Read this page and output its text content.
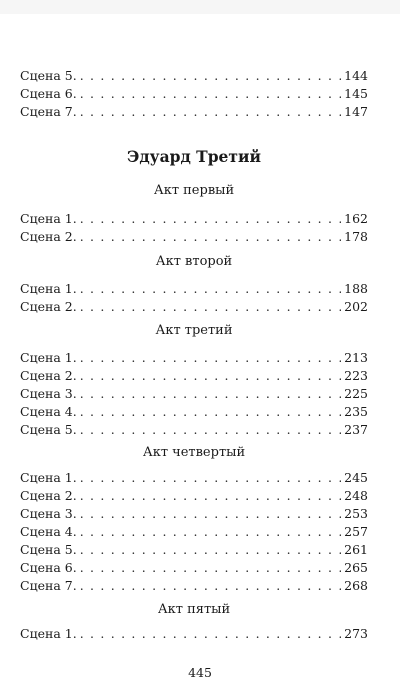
Сцена 5. . . .	144
Сцена 6. . . .	145
Сцена 7. . . .	147
Эдуард Третий
Акт первый
Сцена 1. . . .	162
Сцена 2. . . .	178
Акт второй
Сцена 1. . . .	188
Сцена 2. . . .	202
Акт третий
Сцена 1. . . .	213
Сцена 2. . . .	223
Сцена 3. . . .	225
Сцена 4. . . .	235
Сцена 5. . . .	237
Акт четвертый
Сцена 1. . . .	245
Сцена 2. . . .	248
Сцена 3. . . .	253
Сцена 4. . . .	257
Сцена 5. . . .	261
Сцена 6. . . .	265
Сцена 7. . . .	268
Акт пятый
Сцена 1. . . .	273
445
